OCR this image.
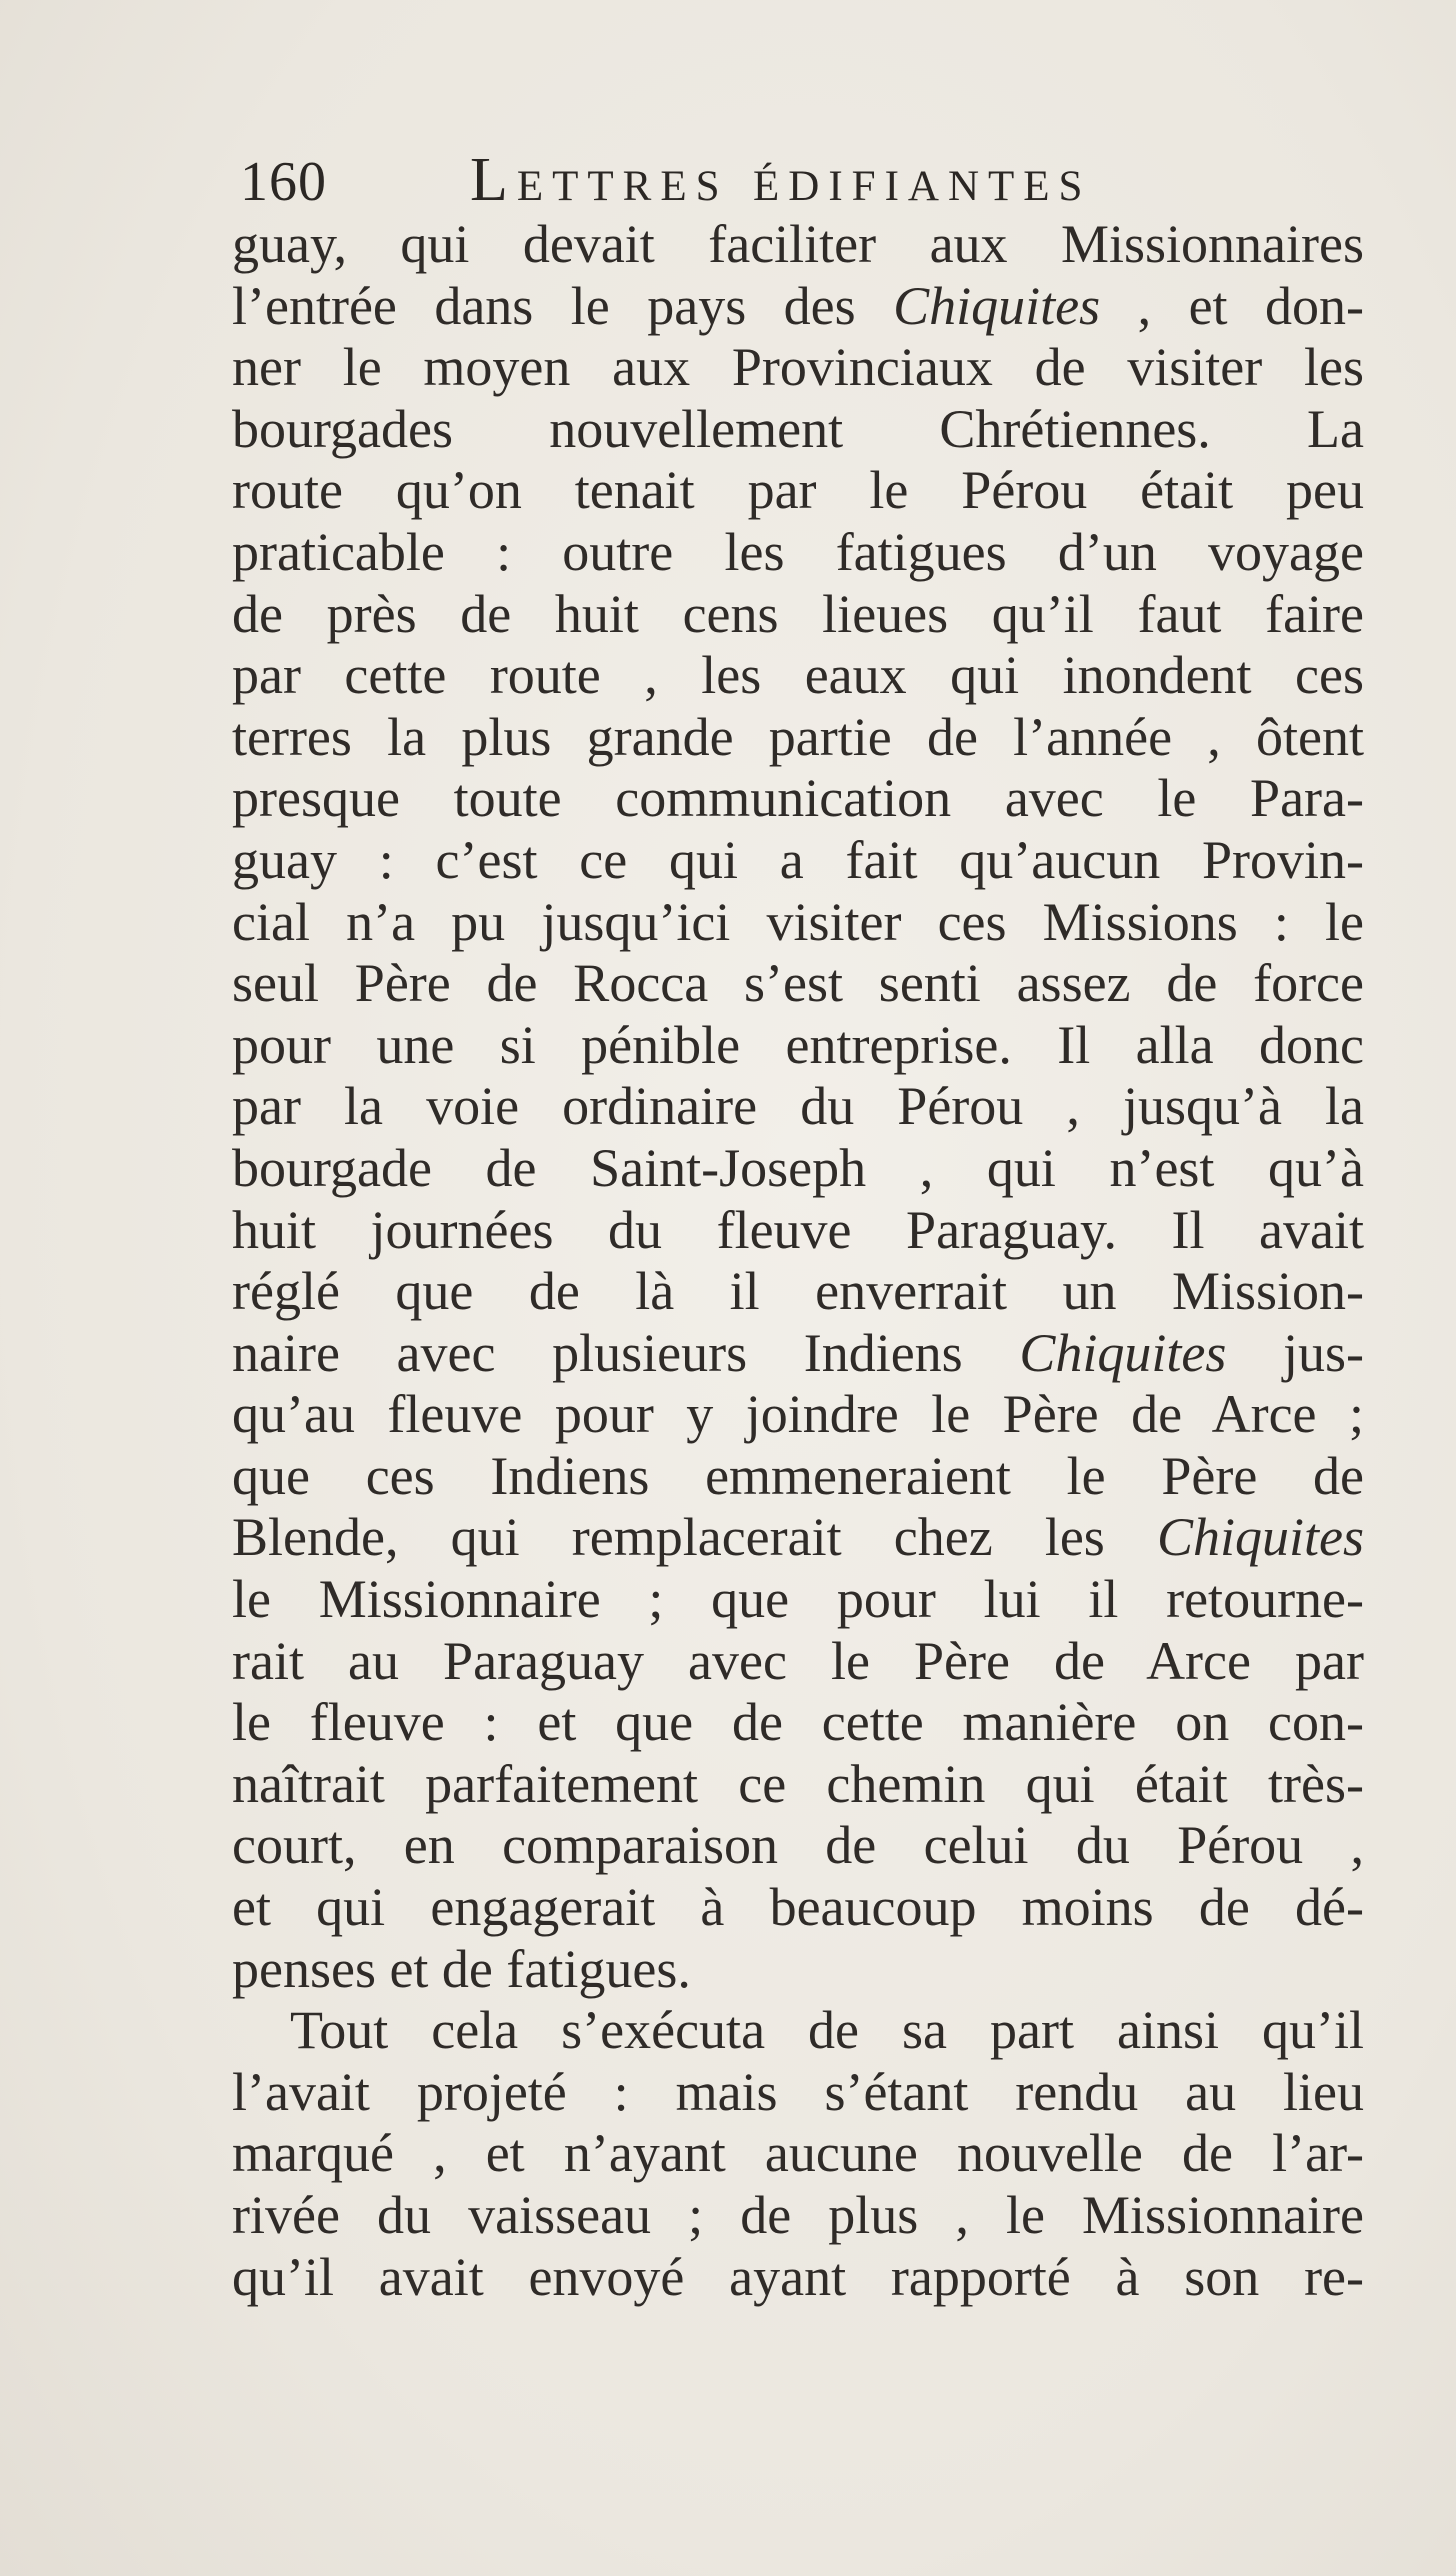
160 Lettres édifiantes
guay, qui devait faciliter aux Missionnaires
l’entrée dans le pays des Chiquites , et don-
ner le moyen aux Provinciaux de visiter les
bourgades nouvellement Chrétiennes. La
route qu’on tenait par le Pérou était peu
praticable : outre les fatigues d’un voyage
de près de huit cens lieues qu’il faut faire
par cette route , les eaux qui inondent ces
terres la plus grande partie de l’année , ôtent
presque toute communication avec le Para-
guay : c’est ce qui a fait qu’aucun Provin-
cial n’a pu jusqu’ici visiter ces Missions : le
seul Père de Rocca s’est senti assez de force
pour une si pénible entreprise. Il alla donc
par la voie ordinaire du Pérou , jusqu’à la
bourgade de Saint-Joseph , qui n’est qu’à
huit journées du fleuve Paraguay. Il avait
réglé que de là il enverrait un Mission-
naire avec plusieurs Indiens Chiquites jus-
qu’au fleuve pour y joindre le Père de Arce ;
que ces Indiens emmeneraient le Père de
Blende, qui remplacerait chez les Chiquites
le Missionnaire ; que pour lui il retourne-
rait au Paraguay avec le Père de Arce par
le fleuve : et que de cette manière on con-
naîtrait parfaitement ce chemin qui était très-
court, en comparaison de celui du Pérou ,
et qui engagerait à beaucoup moins de dé-
penses et de fatigues.
Tout cela s’exécuta de sa part ainsi qu’il
l’avait projeté : mais s’étant rendu au lieu
marqué , et n’ayant aucune nouvelle de l’ar-
rivée du vaisseau ; de plus , le Missionnaire
qu’il avait envoyé ayant rapporté à son re-
